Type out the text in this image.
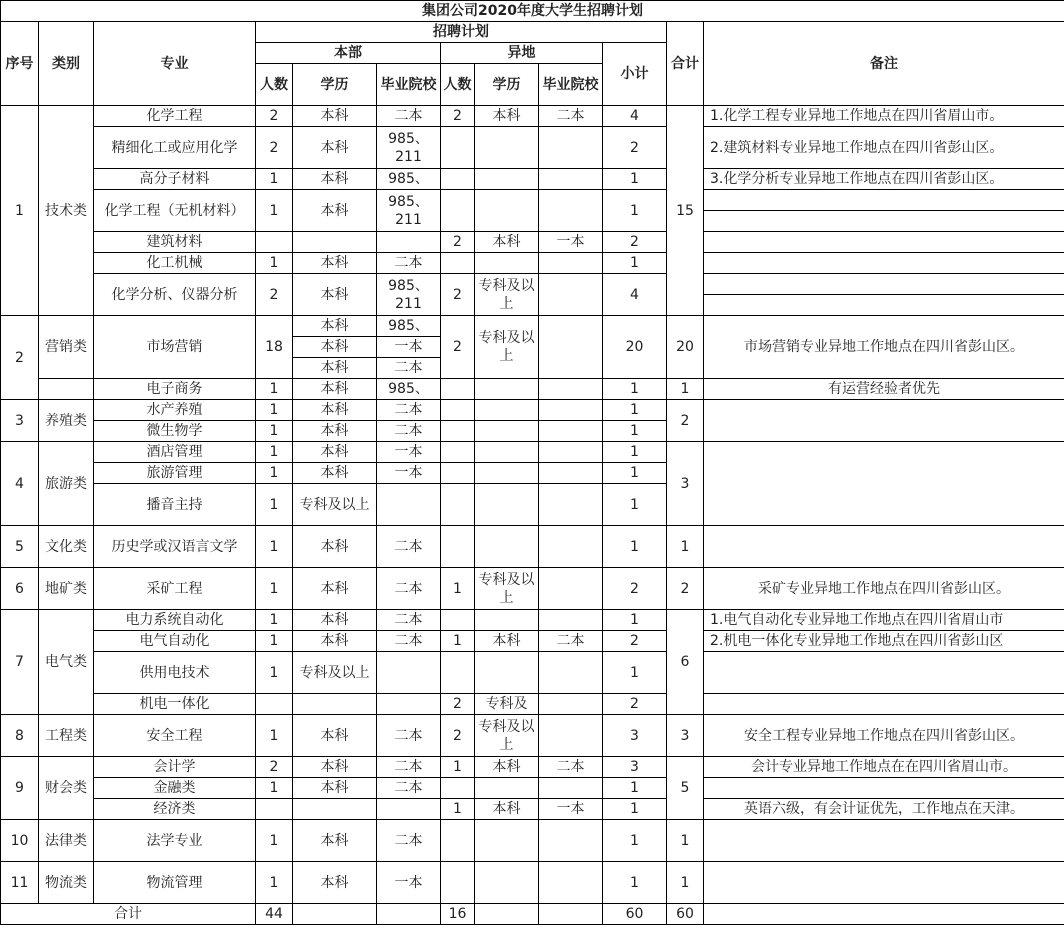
集团公司2020年度大学生招聘计划											
序号	类别	专业	招聘计划							合计	备注
			本部			异地			小计		
			人数	学历	毕业院校	人数	学历	毕业院校			
1	技术类	化学工程	2	本科	二本	2	本科	二本	4	15	1.化学工程专业异地工作地点在四川省眉山市。
		精细化工或应用化学	2	本科	985、211				2		2.建筑材料专业异地工作地点在四川省彭山区。
		高分子材料	1	本科	985、				1		3.化学分析专业异地工作地点在四川省彭山区。
		化学工程（无机材料）	1	本科	985、211				1		

		建筑材料				2	本科	一本	2		
		化工机械	1	本科	二本				1		
		化学分析、仪器分析	2	本科	985、211	2	专科及以上		4		

2	营销类	市场营销	18	本科	985、	2	专科及以上		20	20	市场营销专业异地工作地点在四川省彭山区。
				本科	一本						
				本科	二本						
		电子商务	1	本科	985、				1	1	有运营经验者优先
3	养殖类	水产养殖	1	本科	二本				1	2	
		微生物学	1	本科	二本				1		
4	旅游类	酒店管理	1	本科	一本				1	3	
		旅游管理	1	本科	一本				1		
		播音主持	1	专科及以上					1		

5	文化类	历史学或汉语言文学	1	本科	二本				1	1	
6	地矿类	采矿工程	1	本科	二本	1	专科及以上		2	2	采矿专业异地工作地点在四川省彭山区。
7	电气类	电力系统自动化	1	本科	二本				1	6	1.电气自动化专业异地工作地点在四川省眉山市
		电气自动化	1	本科	二本	1	本科	二本	2		2.机电一体化专业异地工作地点在四川省彭山区
		供用电技术	1	专科及以上					1		

		机电一体化				2	专科及		2		
8	工程类	安全工程	1	本科	二本	2	专科及以上		3	3	安全工程专业异地工作地点在四川省彭山区。
9	财会类	会计学	2	本科	二本	1	本科	二本	3	5	会计专业异地工作地点在在四川省眉山市。
		金融类	1	本科	二本				1		
		经济类				1	本科	一本	1		英语六级，有会计证优先，工作地点在天津。
10	法律类	法学专业	1	本科	二本				1	1	
11	物流类	物流管理	1	本科	一本				1	1	
合计			44			16			60	60	
